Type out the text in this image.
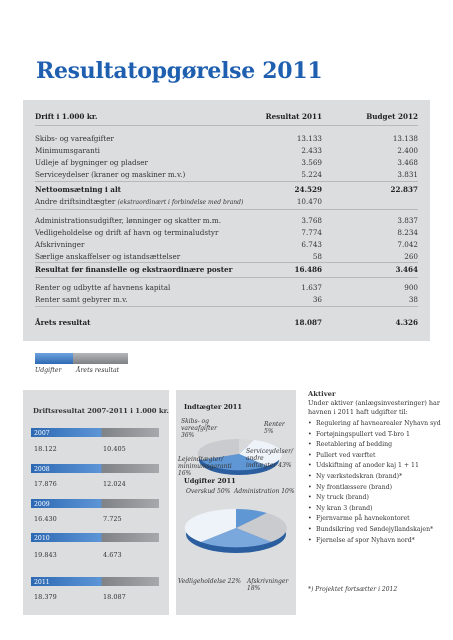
Resultatopgørelse 2011
Drift i 1.000 kr.	Resultat 2011	Budget 2012
Skibs- og vareafgifter	13.133	13.138
Minimumsgaranti	2.433	2.400
Udleje af bygninger og pladser	3.569	3.468
Serviceydelser (kraner og maskiner m.v.)	5.224	3.831
Nettoomsætning i alt	24.529	22.837
Andre driftsindtægter (ekstraordinært i forbindelse med brand)	10.470
Administrationsudgifter, lønninger og skatter m.m.	3.768	3.837
Vedligeholdelse og drift af havn og terminaludstyr	7.774	8.234
Afskrivninger	6.743	7.042
Særlige anskaffelser og istandsættelser	58	260
Resultat før finansielle og ekstraordinære poster	16.486	3.464
Renter og udbytte af havnens kapital	1.637	900
Renter samt gebyrer m.v.	36	38
Årets resultat	18.087	4.326
Udgifter Årets resultat
Driftsresultat 2007-2011 i 1.000 kr.
2007
18.122	10.405
2008
17.876	12.024
2009
16.430	7.725
2010
19.843	4.673
2011
18.379	18.087
Indtægter 2011
Skibs- og vareafgifter 36%
Renter 5%
Lejeindtægter/ minimumsgaranti 16%
Serviceydelser/ andre indtægter 43%
Udgifter 2011
Overskud 50% Administration 10%
Vedligeholdelse 22% Afskrivninger 18%
Aktiver
Under aktiver (anlægsinvesteringer) har havnen i 2011 haft udgifter til:
• Regulering af havnearealer Nyhavn syd
• Fortøjningspullert ved T-bro 1
• Reetablering af bedding
• Pullert ved værftet
• Udskiftning af anoder kaj 1 + 11
• Ny værkstedskran (brand)*
• Ny frontlæssere (brand)
• Ny truck (brand)
• Ny kran 3 (brand)
• Fjernvarme på havnekontoret
• Bundsikring ved Søndejyllandskajen*
• Fjernelse af spor Nyhavn nord*
*) Projektet fortsætter i 2012
